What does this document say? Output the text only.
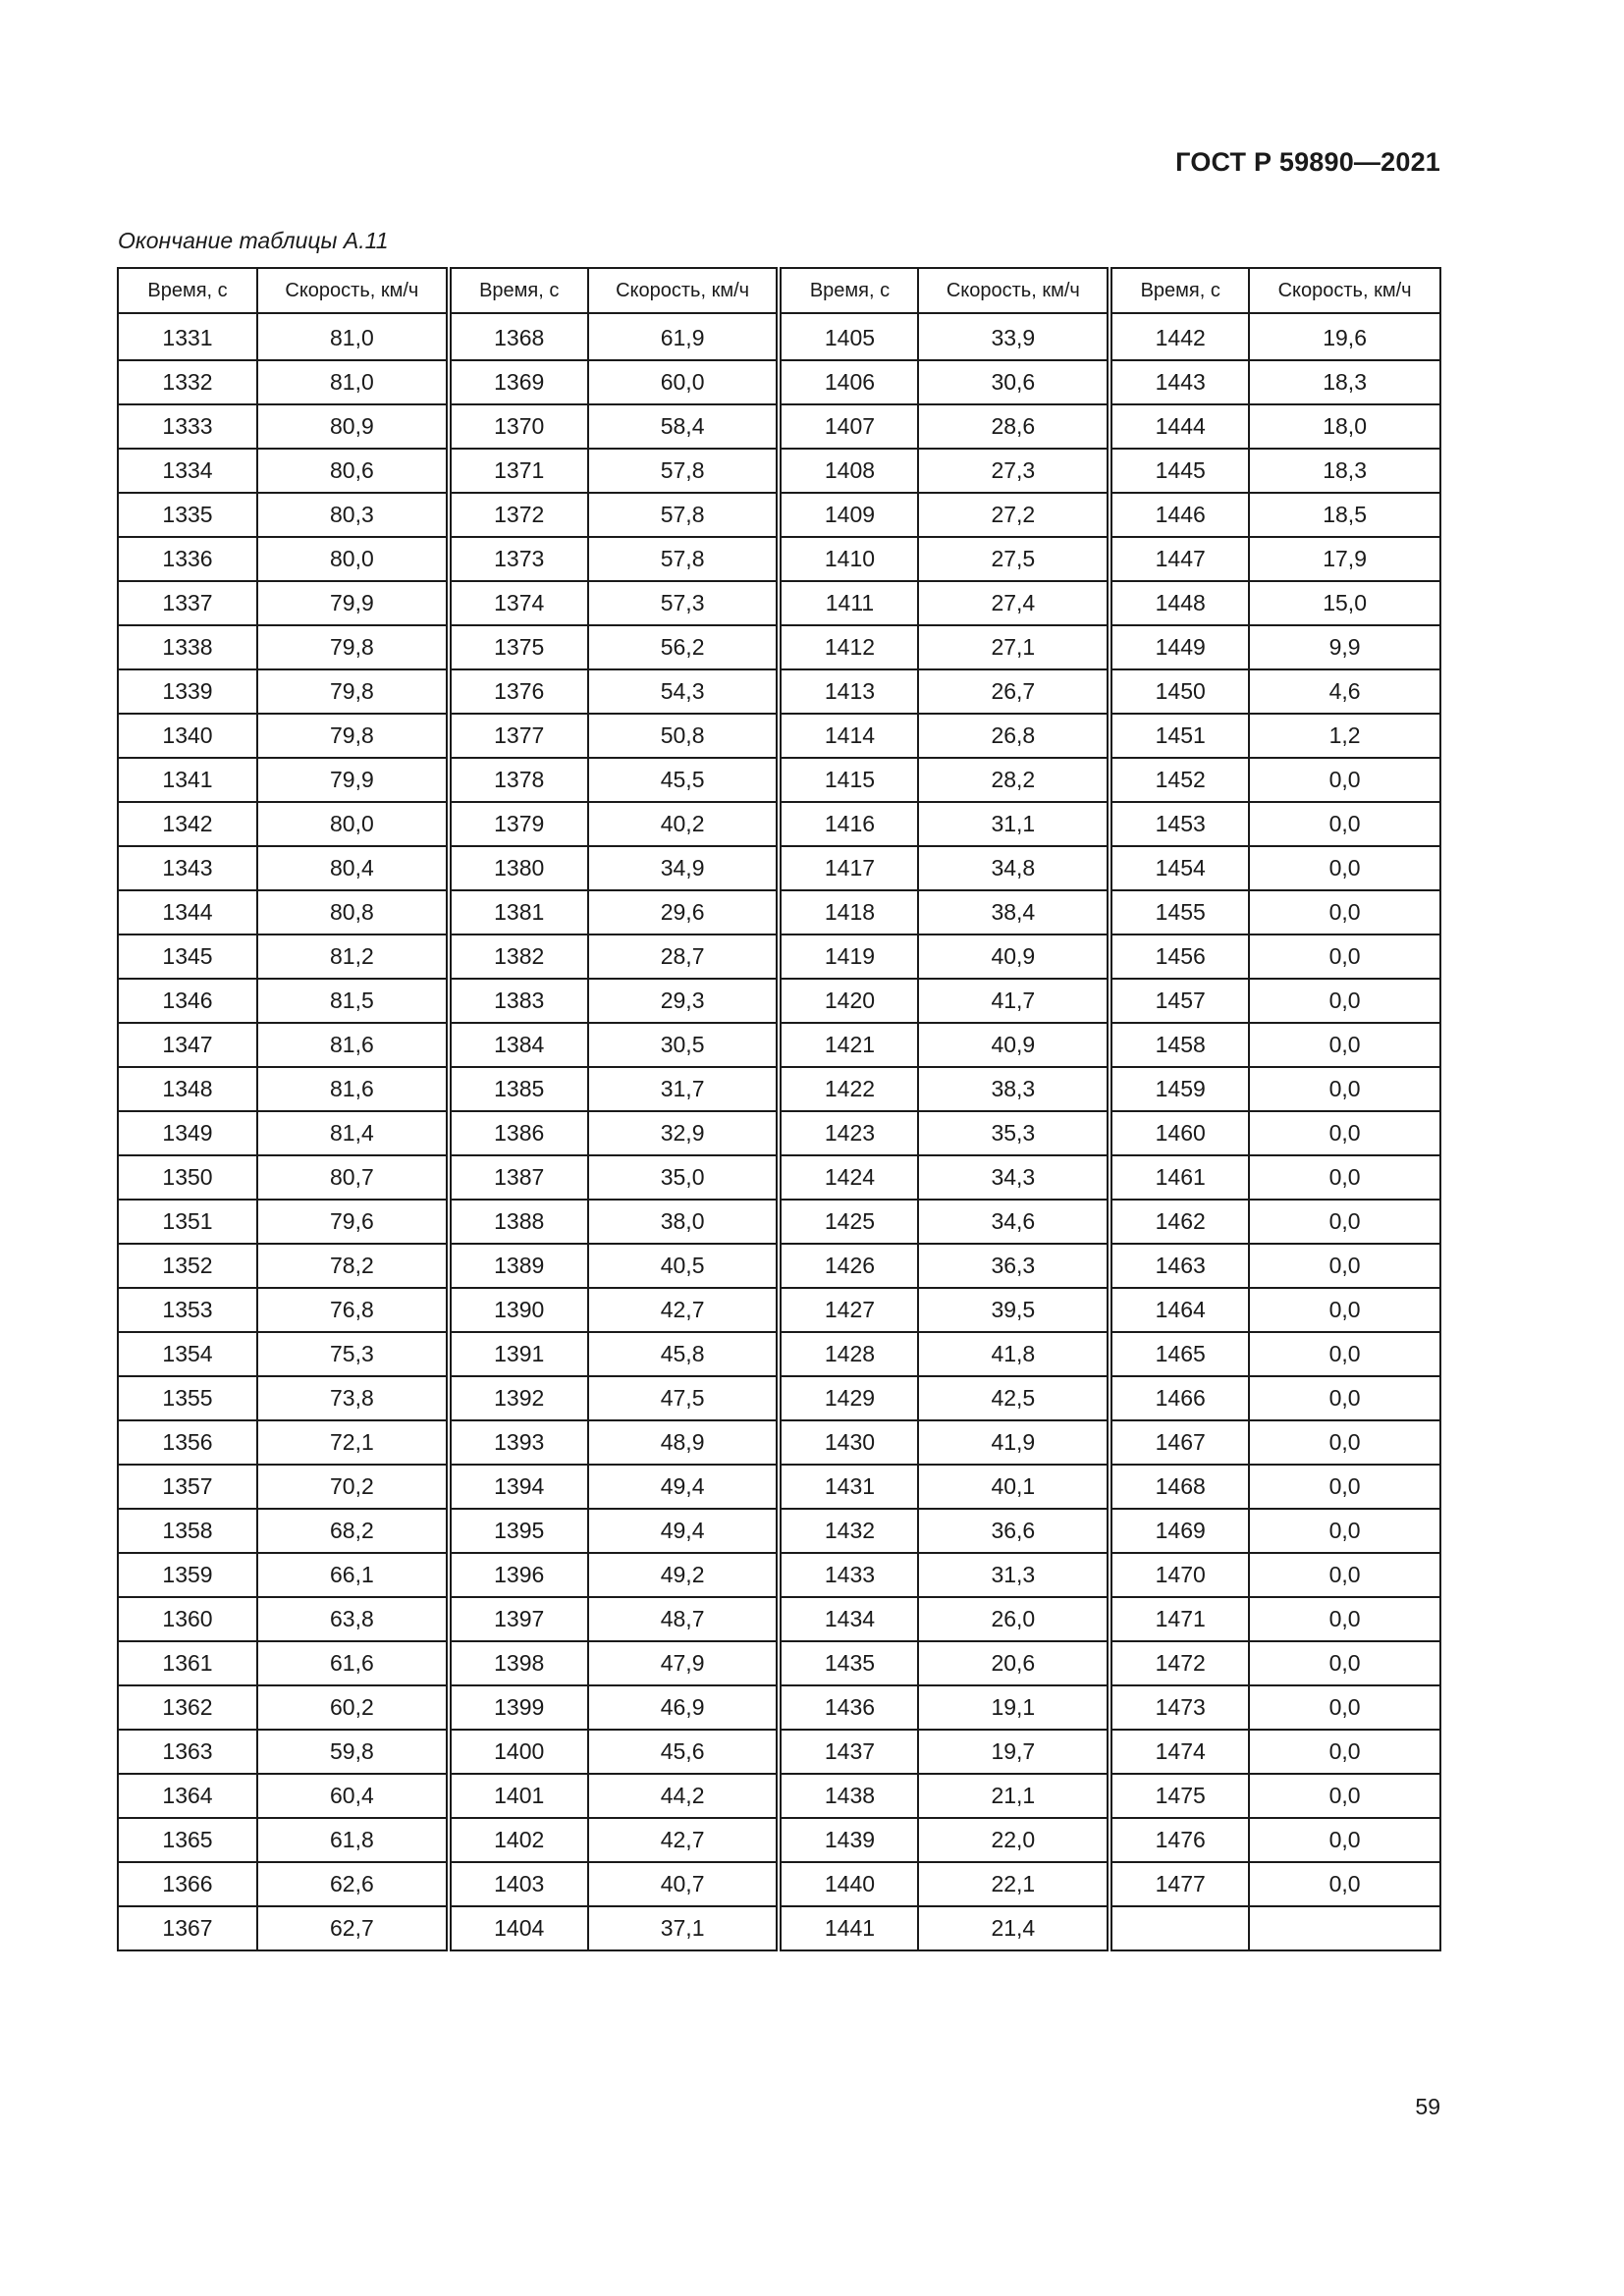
ГОСТ Р 59890—2021
Окончание таблицы А.11
Время, с	Скорость, км/ч	Время, с	Скорость, км/ч	Время, с	Скорость, км/ч	Время, с	Скорость, км/ч
1331	81,0	1368	61,9	1405	33,9	1442	19,6
1332	81,0	1369	60,0	1406	30,6	1443	18,3
1333	80,9	1370	58,4	1407	28,6	1444	18,0
1334	80,6	1371	57,8	1408	27,3	1445	18,3
1335	80,3	1372	57,8	1409	27,2	1446	18,5
1336	80,0	1373	57,8	1410	27,5	1447	17,9
1337	79,9	1374	57,3	1411	27,4	1448	15,0
1338	79,8	1375	56,2	1412	27,1	1449	9,9
1339	79,8	1376	54,3	1413	26,7	1450	4,6
1340	79,8	1377	50,8	1414	26,8	1451	1,2
1341	79,9	1378	45,5	1415	28,2	1452	0,0
1342	80,0	1379	40,2	1416	31,1	1453	0,0
1343	80,4	1380	34,9	1417	34,8	1454	0,0
1344	80,8	1381	29,6	1418	38,4	1455	0,0
1345	81,2	1382	28,7	1419	40,9	1456	0,0
1346	81,5	1383	29,3	1420	41,7	1457	0,0
1347	81,6	1384	30,5	1421	40,9	1458	0,0
1348	81,6	1385	31,7	1422	38,3	1459	0,0
1349	81,4	1386	32,9	1423	35,3	1460	0,0
1350	80,7	1387	35,0	1424	34,3	1461	0,0
1351	79,6	1388	38,0	1425	34,6	1462	0,0
1352	78,2	1389	40,5	1426	36,3	1463	0,0
1353	76,8	1390	42,7	1427	39,5	1464	0,0
1354	75,3	1391	45,8	1428	41,8	1465	0,0
1355	73,8	1392	47,5	1429	42,5	1466	0,0
1356	72,1	1393	48,9	1430	41,9	1467	0,0
1357	70,2	1394	49,4	1431	40,1	1468	0,0
1358	68,2	1395	49,4	1432	36,6	1469	0,0
1359	66,1	1396	49,2	1433	31,3	1470	0,0
1360	63,8	1397	48,7	1434	26,0	1471	0,0
1361	61,6	1398	47,9	1435	20,6	1472	0,0
1362	60,2	1399	46,9	1436	19,1	1473	0,0
1363	59,8	1400	45,6	1437	19,7	1474	0,0
1364	60,4	1401	44,2	1438	21,1	1475	0,0
1365	61,8	1402	42,7	1439	22,0	1476	0,0
1366	62,6	1403	40,7	1440	22,1	1477	0,0
1367	62,7	1404	37,1	1441	21,4		
59
